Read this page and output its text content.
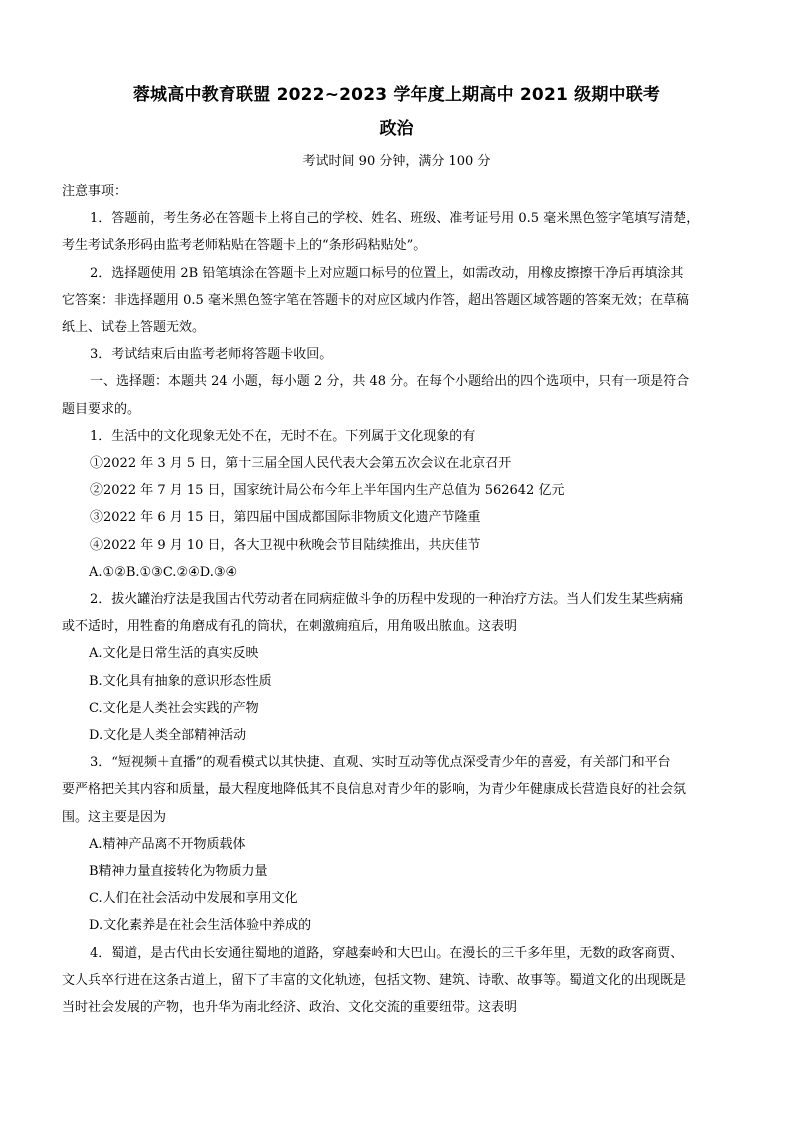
蓉城高中教育联盟 2022~2023 学年度上期高中 2021 级期中联考
政治
考试时间 90 分钟，满分 100 分

注意事项：

1．答题前，考生务必在答题卡上将自己的学校、姓名、班级、准考证号用 0.5 毫米黑色签字笔填写清楚，

考生考试条形码由监考老师粘贴在答题卡上的“条形码粘贴处”。

2．选择题使用 2B 铅笔填涂在答题卡上对应题口标号的位置上，如需改动，用橡皮擦擦干净后再填涂其

它答案：非选择题用 0.5 毫米黑色签字笔在答题卡的对应区域内作答，超出答题区域答题的答案无效；在草稿

纸上、试卷上答题无效。

3．考试结束后由监考老师将答题卡收回。

一、选择题：本题共 24 小题，每小题 2 分，共 48 分。在每个小题给出的四个选项中，只有一项是符合

题目要求的。

1．生活中的文化现象无处不在，无时不在。下列属于文化现象的有

①2022 年 3 月 5 日，第十三届全国人民代表大会第五次会议在北京召开

②2022 年 7 月 15 日，国家统计局公布今年上半年国内生产总值为 562642 亿元

③2022 年 6 月 15 日，第四届中国成都国际非物质文化遗产节隆重

④2022 年 9 月 10 日，各大卫视中秋晚会节目陆续推出，共庆佳节

A.①②B.①③C.②④D.③④

2．拔火罐治疗法是我国古代劳动者在同病症做斗争的历程中发现的一种治疗方法。当人们发生某些病痛

或不适时，用牲畜的角磨成有孔的筒状，在刺激痈疽后，用角吸出脓血。这表明

A.文化是日常生活的真实反映

B.文化具有抽象的意识形态性质

C.文化是人类社会实践的产物

D.文化是人类全部精神活动

3．“短视频＋直播”的观看模式以其快捷、直观、实时互动等优点深受青少年的喜爱，有关部门和平台

要严格把关其内容和质量，最大程度地降低其不良信息对青少年的影响，为青少年健康成长营造良好的社会氛

围。这主要是因为

A.精神产品离不开物质载体

B精神力量直接转化为物质力量

C.人们在社会活动中发展和享用文化

D.文化素养是在社会生活体验中养成的

4．蜀道，是古代由长安通往蜀地的道路，穿越秦岭和大巴山。在漫长的三千多年里，无数的政客商贾、

文人兵卒行进在这条古道上，留下了丰富的文化轨迹，包括文物、建筑、诗歌、故事等。蜀道文化的出现既是

当时社会发展的产物，也升华为南北经济、政治、文化交流的重要纽带。这表明
